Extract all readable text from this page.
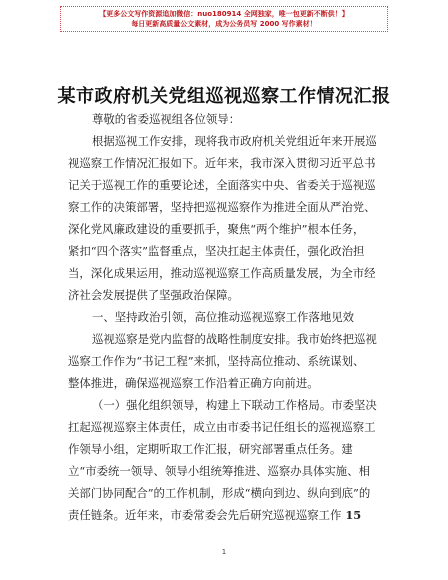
【更多公文写作资源追加微信：nuo180914 全网独家，唯一包更新不断供！】
每日更新高质量公文素材，成为公务员写 2000 写作素材！
某市政府机关党组巡视巡察工作情况汇报
尊敬的省委巡视组各位领导：
根据巡视工作安排，现将我市政府机关党组近年来开展巡
视巡察工作情况汇报如下。近年来，我市深入贯彻习近平总书
记关于巡视工作的重要论述，全面落实中央、省委关于巡视巡
察工作的决策部署，坚持把巡视巡察作为推进全面从严治党、
深化党风廉政建设的重要抓手，聚焦“两个维护”根本任务，
紧扣“四个落实”监督重点，坚决扛起主体责任，强化政治担
当，深化成果运用，推动巡视巡察工作高质量发展，为全市经
济社会发展提供了坚强政治保障。
一、坚持政治引领，高位推动巡视巡察工作落地见效
巡视巡察是党内监督的战略性制度安排。我市始终把巡视
巡察工作作为“书记工程”来抓，坚持高位推动、系统谋划、
整体推进，确保巡视巡察工作沿着正确方向前进。
（一）强化组织领导，构建上下联动工作格局。市委坚决
扛起巡视巡察主体责任，成立由市委书记任组长的巡视巡察工
作领导小组，定期听取工作汇报，研究部署重点任务。建
立“市委统一领导、领导小组统筹推进、巡察办具体实施、相
关部门协同配合”的工作机制，形成“横向到边、纵向到底”的
责任链条。近年来，市委常委会先后研究巡视巡察工作 15
1
